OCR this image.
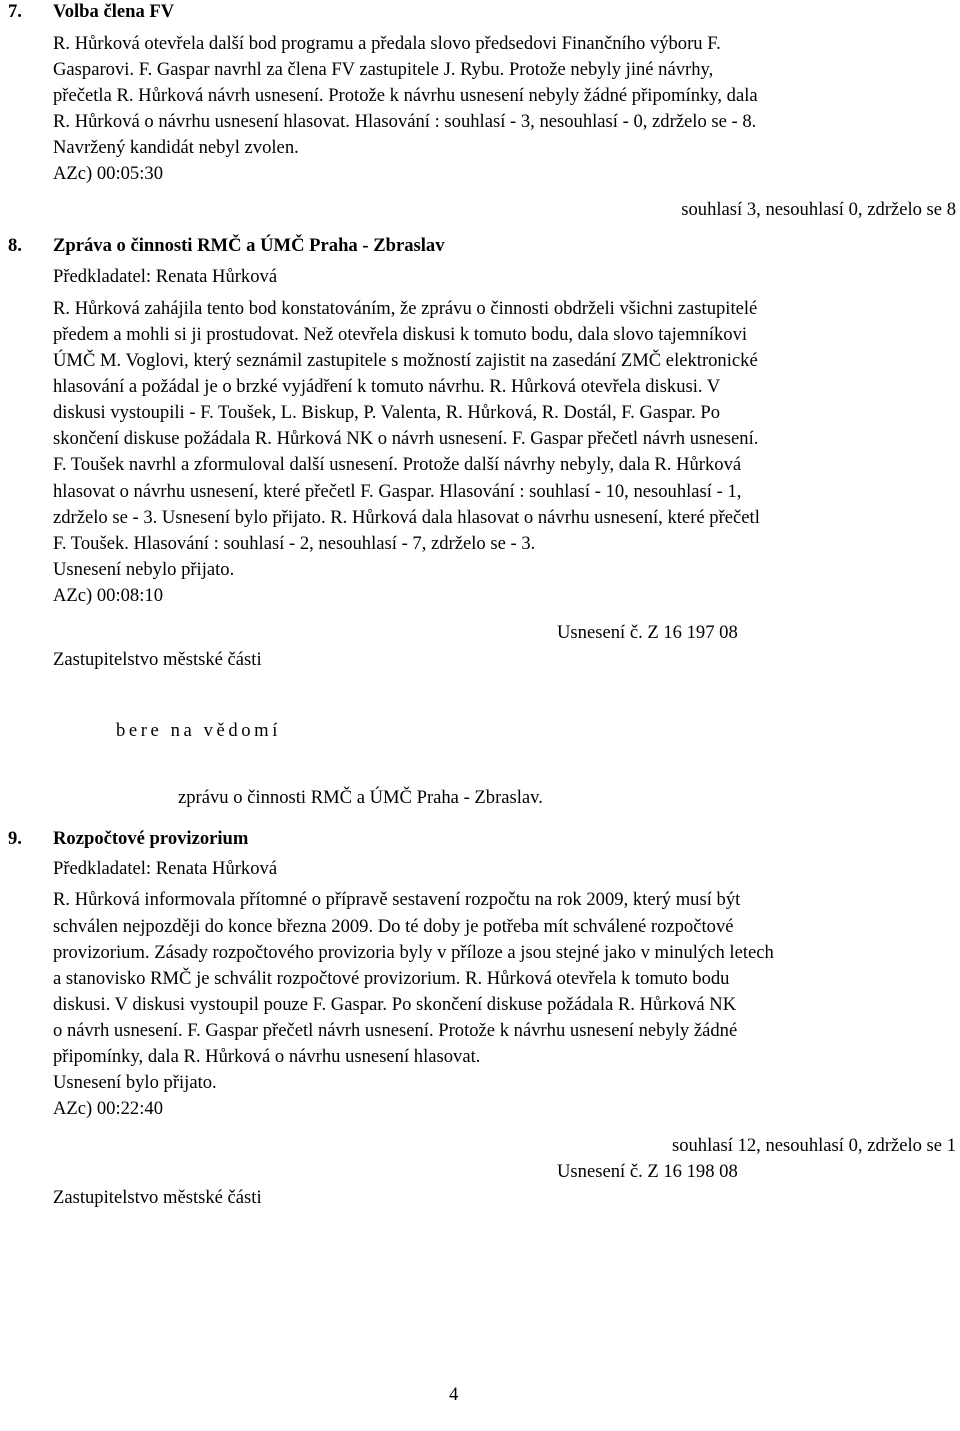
7. Volba člena FV
R. Hůrková otevřela další bod programu a předala slovo předsedovi Finančního výboru F.
Gasparovi. F. Gaspar navrhl za člena FV zastupitele J. Rybu. Protože nebyly jiné návrhy,
přečetla R. Hůrková návrh usnesení. Protože k návrhu usnesení nebyly žádné připomínky, dala
R. Hůrková o návrhu usnesení hlasovat. Hlasování : souhlasí - 3, nesouhlasí - 0, zdrželo se - 8.
Navržený kandidát nebyl zvolen.
AZc) 00:05:30
souhlasí 3, nesouhlasí 0, zdrželo se 8
8. Zpráva o činnosti RMČ a ÚMČ Praha - Zbraslav
Předkladatel: Renata Hůrková
R. Hůrková zahájila tento bod konstatováním, že zprávu o činnosti obdrželi všichni zastupitelé
předem a mohli si ji prostudovat. Než otevřela diskusi k tomuto bodu, dala slovo tajemníkovi
ÚMČ M. Voglovi, který seznámil zastupitele s možností zajistit na zasedání ZMČ elektronické
hlasování a požádal je o brzké vyjádření k tomuto návrhu. R. Hůrková otevřela diskusi. V
diskusi vystoupili - F. Toušek, L. Biskup, P. Valenta, R. Hůrková, R. Dostál, F. Gaspar. Po
skončení diskuse požádala R. Hůrková NK o návrh usnesení. F. Gaspar přečetl návrh usnesení.
F. Toušek navrhl a zformuloval další usnesení. Protože další návrhy nebyly, dala R. Hůrková
hlasovat o návrhu usnesení, které přečetl F. Gaspar. Hlasování : souhlasí - 10, nesouhlasí - 1,
zdrželo se - 3. Usnesení bylo přijato. R. Hůrková dala hlasovat o návrhu usnesení, které přečetl
F. Toušek. Hlasování : souhlasí - 2, nesouhlasí - 7, zdrželo se - 3.
Usnesení nebylo přijato.
AZc) 00:08:10
Usnesení č. Z 16 197 08
Zastupitelstvo městské části
bere na vědomí
zprávu o činnosti RMČ a ÚMČ Praha - Zbraslav.
9. Rozpočtové provizorium
Předkladatel: Renata Hůrková
R. Hůrková informovala přítomné o přípravě sestavení rozpočtu na rok 2009, který musí být
schválen nejpozději do konce března 2009. Do té doby je potřeba mít schválené rozpočtové
provizorium. Zásady rozpočtového provizoria byly v příloze a jsou stejné jako v minulých letech
a stanovisko RMČ je schválit rozpočtové provizorium. R. Hůrková otevřela k tomuto bodu
diskusi. V diskusi vystoupil pouze F. Gaspar. Po skončení diskuse požádala R. Hůrková NK
o návrh usnesení. F. Gaspar přečetl návrh usnesení. Protože k návrhu usnesení nebyly žádné
připomínky, dala R. Hůrková o návrhu usnesení hlasovat.
Usnesení bylo přijato.
AZc) 00:22:40
souhlasí 12, nesouhlasí 0, zdrželo se 1
Usnesení č. Z 16 198 08
Zastupitelstvo městské části
4
